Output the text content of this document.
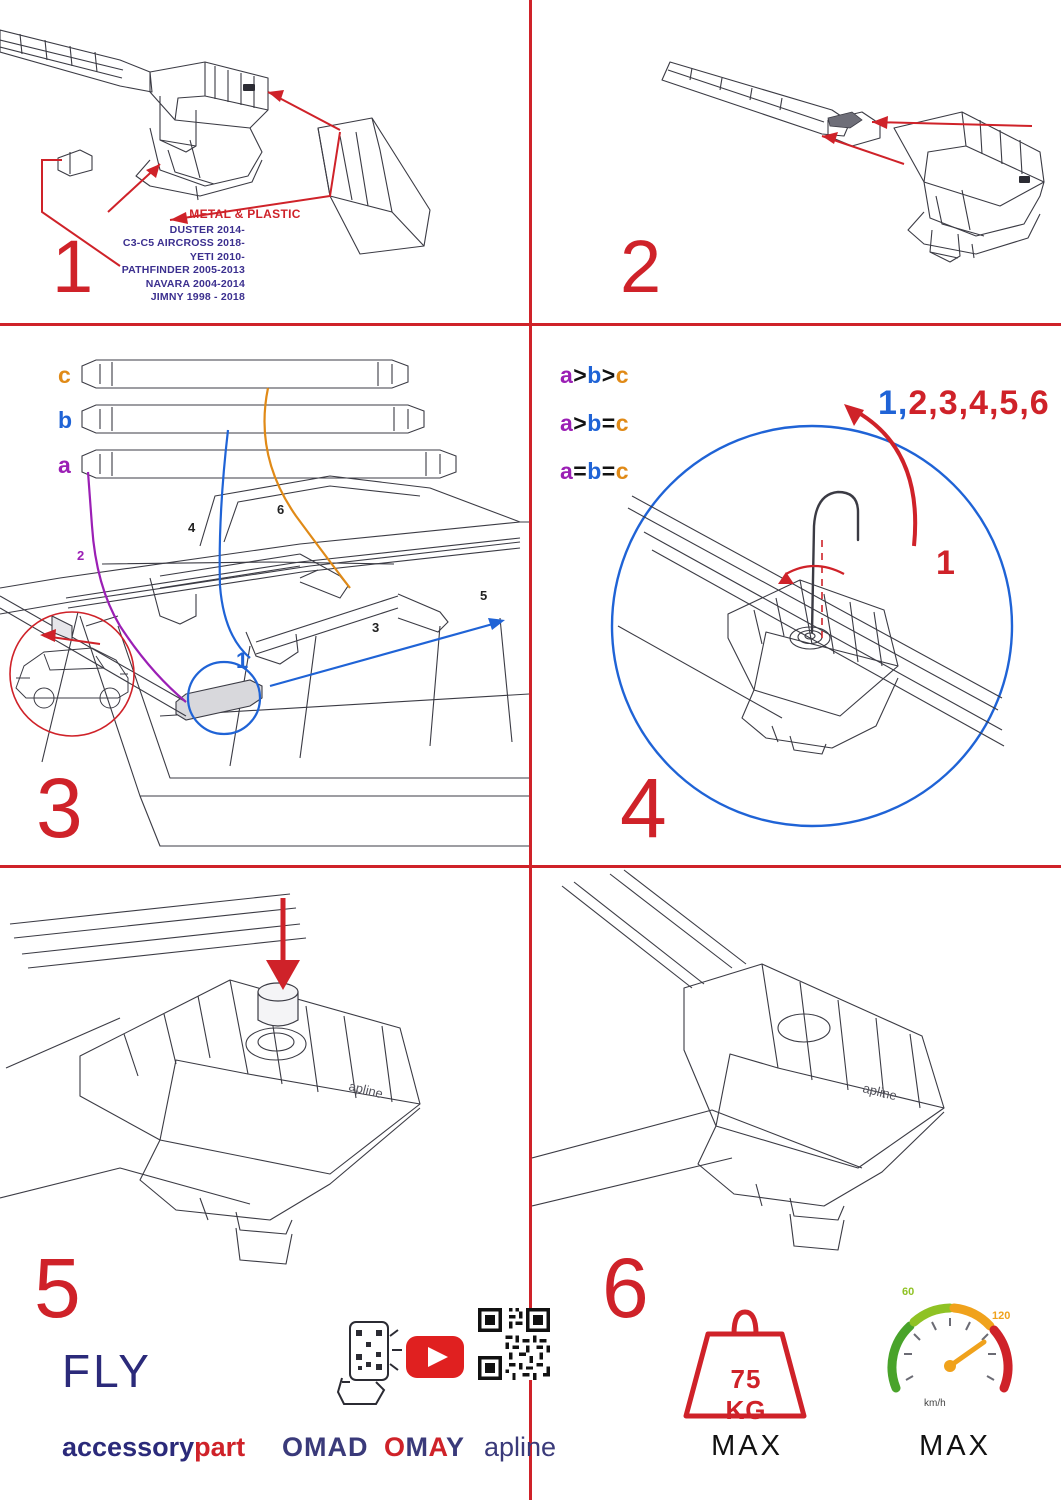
METAL & PLASTIC
DUSTER 2014-
C3-C5 AIRCROSS 2018-
YETI 2010-
PATHFINDER 2005-2013
NAVARA 2004-2014
JIMNY 1998 - 2018
1	2
c
b
a
a>b>c
a>b=c
a=b=c
2
4
6
3
5
1
3
1,2,3,4,5,6
1
4
apline
5
FLY
accessorypart OMAD OMAY apline
apline
6
75 KG
MAX
60
120
km/h
MAX
